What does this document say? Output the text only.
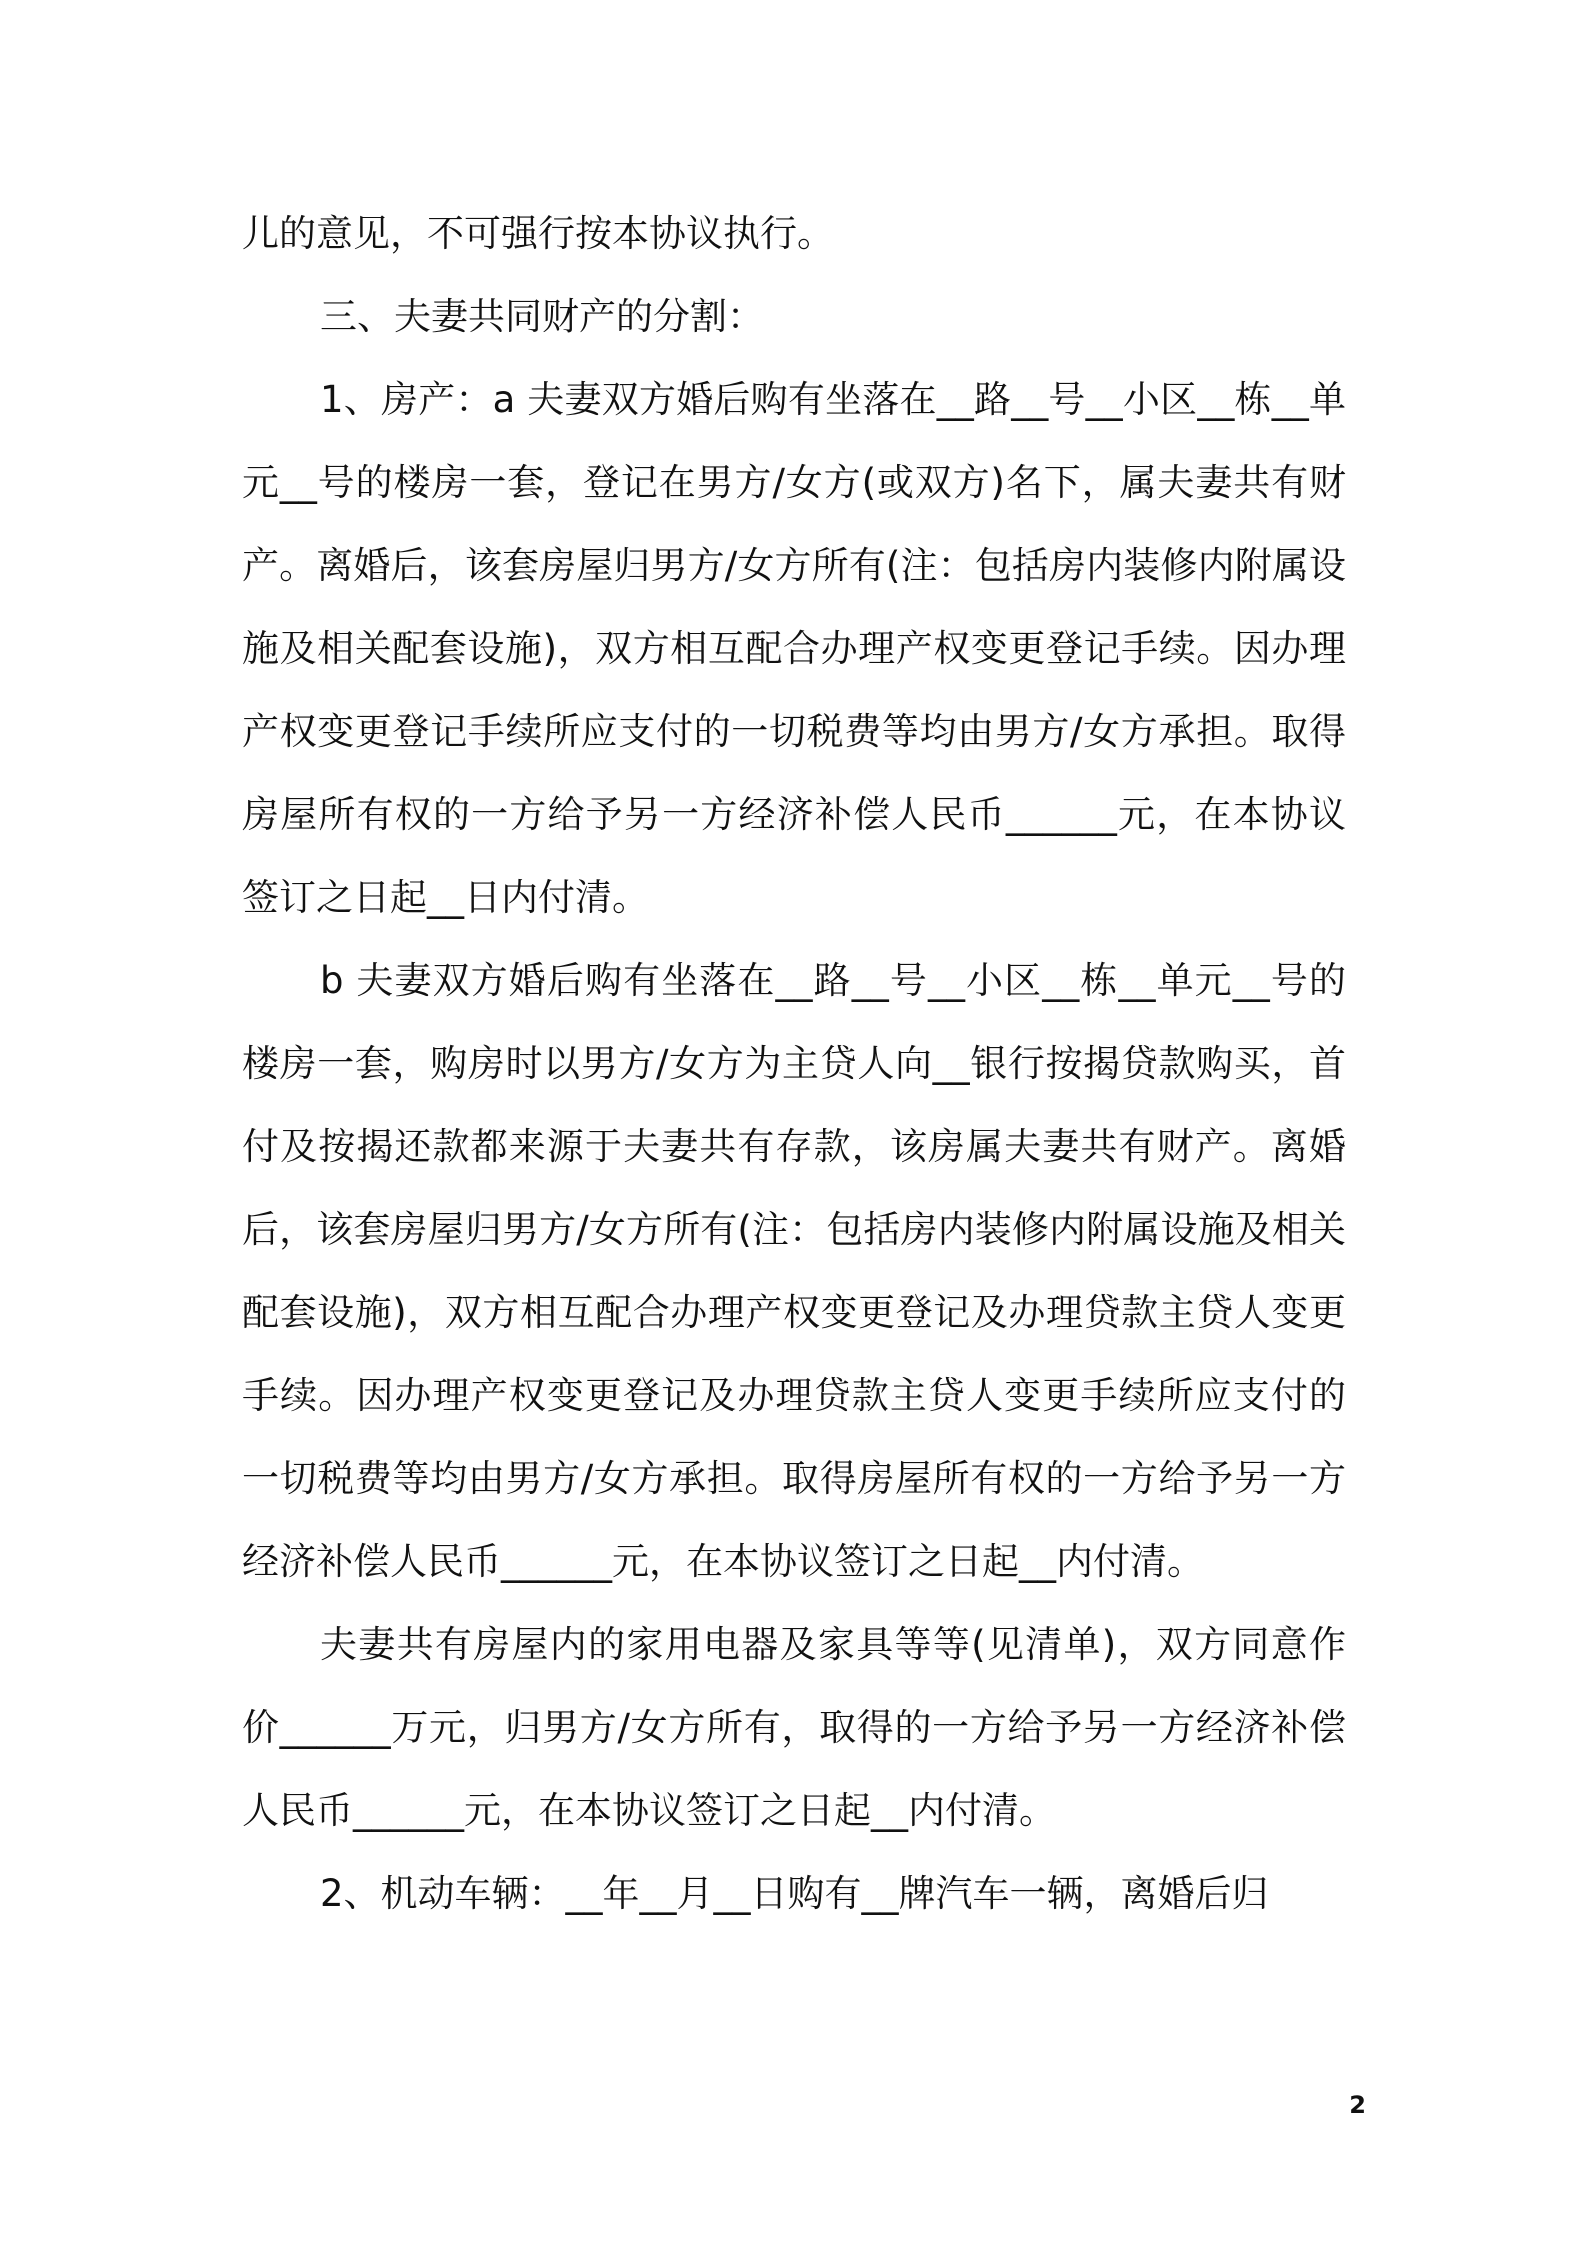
儿的意见，不可强行按本协议执行。

三、夫妻共同财产的分割：

1、房产：a 夫妻双方婚后购有坐落在__路__号__小区__栋__单元__号的楼房一套，登记在男方/女方(或双方)名下，属夫妻共有财产。离婚后，该套房屋归男方/女方所有(注：包括房内装修内附属设施及相关配套设施)，双方相互配合办理产权变更登记手续。因办理产权变更登记手续所应支付的一切税费等均由男方/女方承担。取得房屋所有权的一方给予另一方经济补偿人民币______元，在本协议签订之日起__日内付清。

b 夫妻双方婚后购有坐落在__路__号__小区__栋__单元__号的楼房一套，购房时以男方/女方为主贷人向__银行按揭贷款购买，首付及按揭还款都来源于夫妻共有存款，该房属夫妻共有财产。离婚后，该套房屋归男方/女方所有(注：包括房内装修内附属设施及相关配套设施)，双方相互配合办理产权变更登记及办理贷款主贷人变更手续。因办理产权变更登记及办理贷款主贷人变更手续所应支付的一切税费等均由男方/女方承担。取得房屋所有权的一方给予另一方经济补偿人民币______元，在本协议签订之日起__内付清。

夫妻共有房屋内的家用电器及家具等等(见清单)，双方同意作价______万元，归男方/女方所有，取得的一方给予另一方经济补偿人民币______元，在本协议签订之日起__内付清。

2、机动车辆：__年__月__日购有__牌汽车一辆，离婚后归

2
